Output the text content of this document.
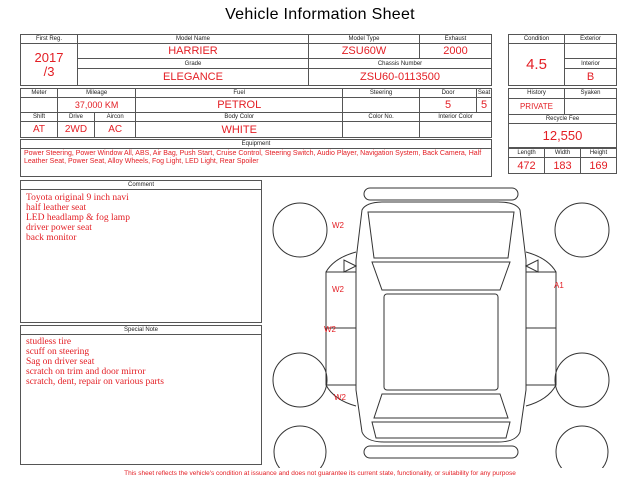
Vehicle Information Sheet
First Reg.	Model Name	Model Type	Exhaust

2017
/3	HARRIER	ZSU60W	2000
	Grade	Chassis Number	
	ELEGANCE	ZSU60-0113500	
Condition	Exterior
4.5	
	Interior
	B
Meter	Mileage		Fuel	Steering	Door	Seat
	37,000 KM		PETROL		5	5
Shift	Drive	Aircon	Body Color	Color No.	Interior Color	
AT	2WD	AC	WHITE			
History	Syaken
PRIVATE	
Recycle Fee	
12,550	
Equipment
Power Steering, Power Window All, ABS, Air Bag, Push Start, Cruise Control, Steering Switch, Audio Player, Navigation System, Back Camera, Half Leather Seat, Power Seat, Alloy Wheels, Fog Light, LED Light, Rear Spoiler
Length	Width	Height
472	183	169
Comment
Toyota original 9 inch navi
half leather seat
LED headlamp & fog lamp
driver power seat
back monitor
Special Note
studless tire
scuff on steering
Sag on driver seat
scratch on trim and door mirror
scratch, dent, repair on various parts
W2
W2
W2
W2
A1
This sheet reflects the vehicle's condition at issuance and does not guarantee its current state, functionality, or suitability for any purpose
